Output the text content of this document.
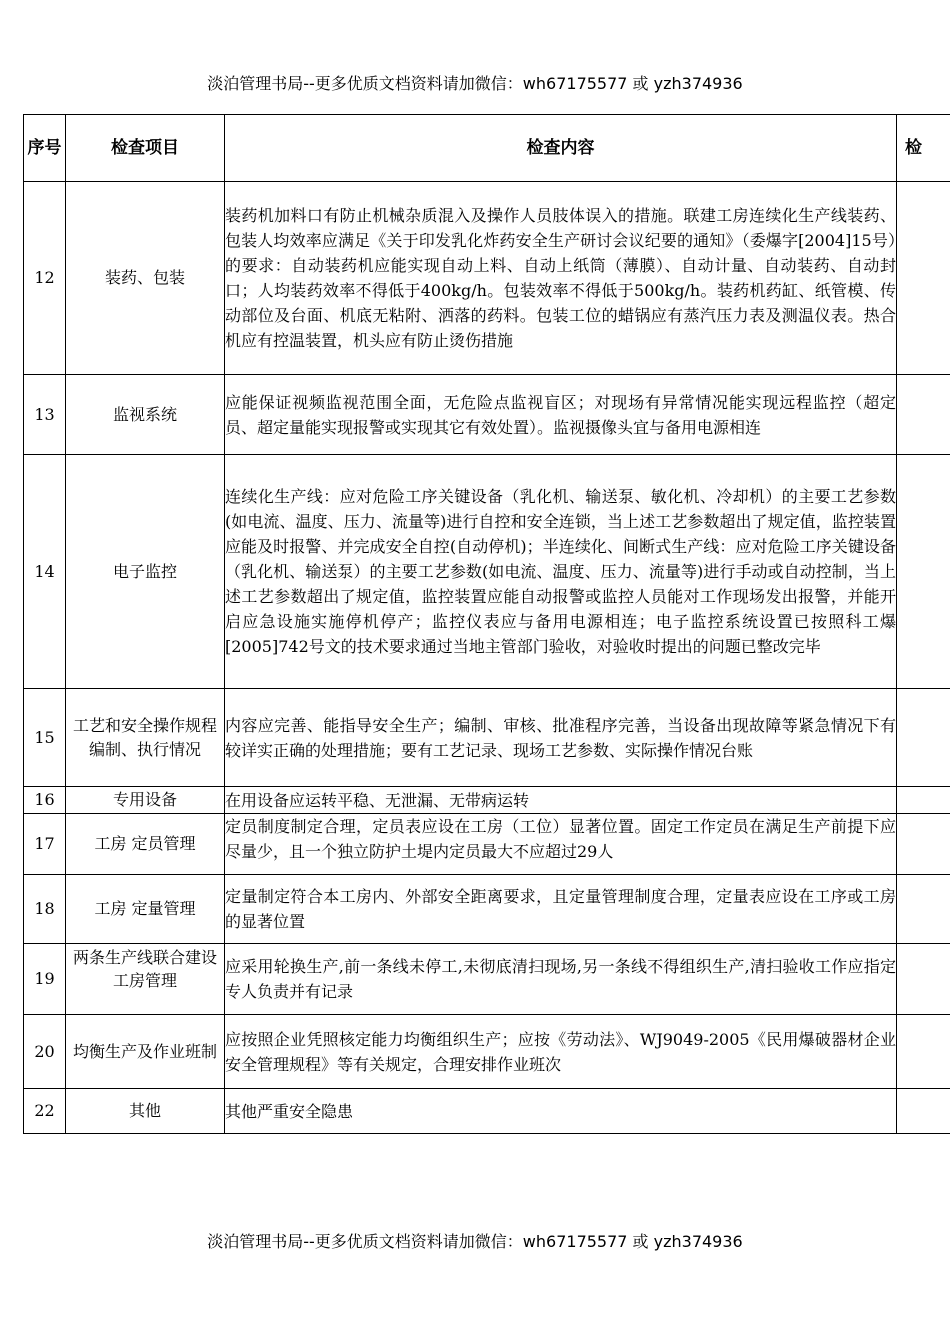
淡泊管理书局--更多优质文档资料请加微信：wh67175577 或 yzh374936
序号	检查项目	检查内容	检
12	装药、包装	装药机加料口有防止机械杂质混入及操作人员肢体误入的措施。联建工房连续化生产线装药、包装人均效率应满足《关于印发乳化炸药安全生产研讨会议纪要的通知》（委爆字[2004]15号）的要求：自动装药机应能实现自动上料、自动上纸筒（薄膜）、自动计量、自动装药、自动封口；人均装药效率不得低于400kg/h。包装效率不得低于500kg/h。装药机药缸、纸管模、传动部位及台面、机底无粘附、洒落的药料。包装工位的蜡锅应有蒸汽压力表及测温仪表。热合机应有控温装置，机头应有防止烫伤措施	
13	监视系统	应能保证视频监视范围全面，无危险点监视盲区；对现场有异常情况能实现远程监控（超定员、超定量能实现报警或实现其它有效处置）。监视摄像头宜与备用电源相连	
14	电子监控	连续化生产线：应对危险工序关键设备（乳化机、输送泵、敏化机、冷却机）的主要工艺参数(如电流、温度、压力、流量等)进行自控和安全连锁，当上述工艺参数超出了规定值，监控装置应能及时报警、并完成安全自控(自动停机)；半连续化、间断式生产线：应对危险工序关键设备（乳化机、输送泵）的主要工艺参数(如电流、温度、压力、流量等)进行手动或自动控制，当上述工艺参数超出了规定值，监控装置应能自动报警或监控人员能对工作现场发出报警，并能开启应急设施实施停机停产；监控仪表应与备用电源相连；电子监控系统设置已按照科工爆[2005]742号文的技术要求通过当地主管部门验收，对验收时提出的问题已整改完毕	
15	工艺和安全操作规程编制、执行情况	内容应完善、能指导安全生产；编制、审核、批准程序完善，当设备出现故障等紧急情况下有较详实正确的处理措施；要有工艺记录、现场工艺参数、实际操作情况台账	
16	专用设备	在用设备应运转平稳、无泄漏、无带病运转	
17	工房 定员管理	定员制度制定合理，定员表应设在工房（工位）显著位置。固定工作定员在满足生产前提下应尽量少，且一个独立防护土堤内定员最大不应超过29人	

18	工房 定量管理	定量制定符合本工房内、外部安全距离要求，且定量管理制度合理，定量表应设在工序或工房的显著位置	
19	两条生产线联合建设工房管理	应采用轮换生产,前一条线未停工,未彻底清扫现场,另一条线不得组织生产,清扫验收工作应指定专人负责并有记录	
20	均衡生产及作业班制	应按照企业凭照核定能力均衡组织生产；应按《劳动法》、WJ9049-2005《民用爆破器材企业安全管理规程》等有关规定，合理安排作业班次	
22	其他	其他严重安全隐患	
淡泊管理书局--更多优质文档资料请加微信：wh67175577 或 yzh374936
